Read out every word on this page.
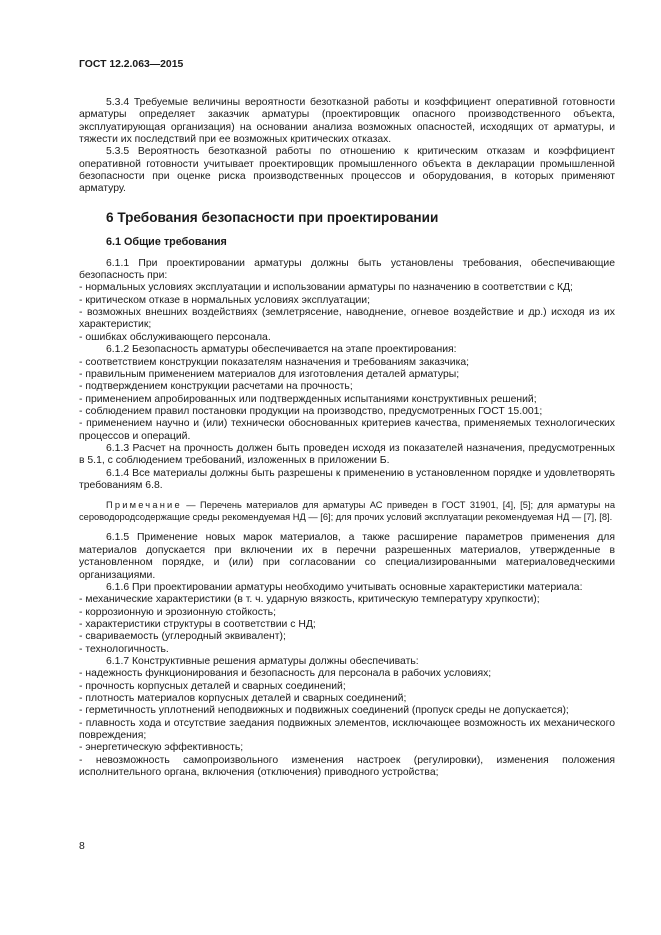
ГОСТ 12.2.063—2015

5.3.4 Требуемые величины вероятности безотказной работы и коэффициент оперативной готовности арматуры определяет заказчик арматуры (проектировщик опасного производственного объекта, эксплуатирующая организация) на основании анализа возможных опасностей, исходящих от арматуры, и тяжести их последствий при ее возможных критических отказах.

5.3.5 Вероятность безотказной работы по отношению к критическим отказам и коэффициент оперативной готовности учитывает проектировщик промышленного объекта в декларации промышленной безопасности при оценке риска производственных процессов и оборудования, в которых применяют арматуру.

6 Требования безопасности при проектировании
6.1 Общие требования

6.1.1 При проектировании арматуры должны быть установлены требования, обеспечивающие безопасность при:

- нормальных условиях эксплуатации и использовании арматуры по назначению в соответствии с КД;

- критическом отказе в нормальных условиях эксплуатации;

- возможных внешних воздействиях (землетрясение, наводнение, огневое воздействие и др.) исходя из их характеристик;

- ошибках обслуживающего персонала.

6.1.2 Безопасность арматуры обеспечивается на этапе проектирования:

- соответствием конструкции показателям назначения и требованиям заказчика;

- правильным применением материалов для изготовления деталей арматуры;

- подтверждением конструкции расчетами на прочность;

- применением апробированных или подтвержденных испытаниями конструктивных решений;

- соблюдением правил постановки продукции на производство, предусмотренных ГОСТ 15.001;

- применением научно и (или) технически обоснованных критериев качества, применяемых технологических процессов и операций.

6.1.3 Расчет на прочность должен быть проведен исходя из показателей назначения, предусмотренных в 5.1, с соблюдением требований, изложенных в приложении Б.

6.1.4 Все материалы должны быть разрешены к применению в установленном порядке и удовлетворять требованиям 6.8.

Примечание — Перечень материалов для арматуры АС приведен в ГОСТ 31901, [4], [5]; для арматуры на сероводородсодержащие среды рекомендуемая НД — [6]; для прочих условий эксплуатации рекомендуемая НД — [7], [8].

6.1.5 Применение новых марок материалов, а также расширение параметров применения для материалов допускается при включении их в перечни разрешенных материалов, утвержденные в установленном порядке, и (или) при согласовании со специализированными материаловедческими организациями.

6.1.6 При проектировании арматуры необходимо учитывать основные характеристики материала:

- механические характеристики (в т. ч. ударную вязкость, критическую температуру хрупкости);

- коррозионную и эрозионную стойкость;

- характеристики структуры в соответствии с НД;

- свариваемость (углеродный эквивалент);

- технологичность.

6.1.7 Конструктивные решения арматуры должны обеспечивать:

- надежность функционирования и безопасность для персонала в рабочих условиях;

- прочность корпусных деталей и сварных соединений;

- плотность материалов корпусных деталей и сварных соединений;

- герметичность уплотнений неподвижных и подвижных соединений (пропуск среды не допускается);

- плавность хода и отсутствие заедания подвижных элементов, исключающее возможность их механического повреждения;

- энергетическую эффективность;

- невозможность самопроизвольного изменения настроек (регулировки), изменения положения исполнительного органа, включения (отключения) приводного устройства;

8
